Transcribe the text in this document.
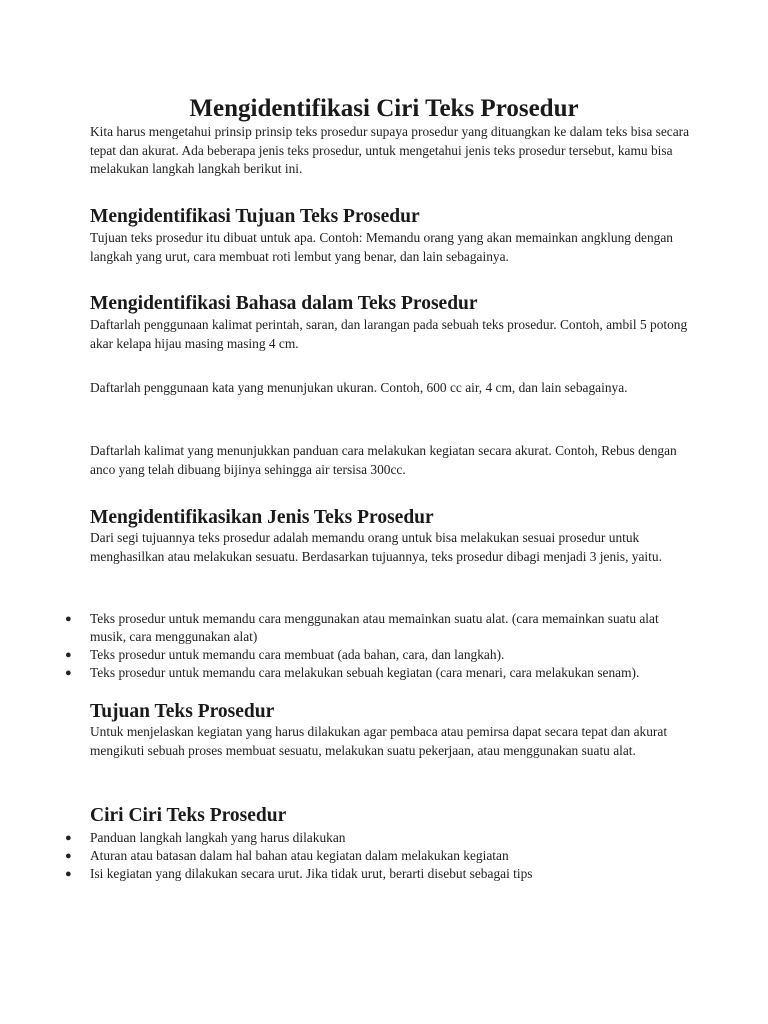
Mengidentifikasi Ciri Teks Prosedur

Kita harus mengetahui prinsip prinsip teks prosedur supaya prosedur yang dituangkan ke dalam teks bisa secara tepat dan akurat. Ada beberapa jenis teks prosedur, untuk mengetahui jenis teks prosedur tersebut, kamu bisa melakukan langkah langkah berikut ini.

Mengidentifikasi Tujuan Teks Prosedur

Tujuan teks prosedur itu dibuat untuk apa. Contoh: Memandu orang yang akan memainkan angklung dengan langkah yang urut, cara membuat roti lembut yang benar, dan lain sebagainya.

Mengidentifikasi Bahasa dalam Teks Prosedur

Daftarlah penggunaan kalimat perintah, saran, dan larangan pada sebuah teks prosedur. Contoh, ambil 5 potong akar kelapa hijau masing masing 4 cm.

Daftarlah penggunaan kata yang menunjukan ukuran. Contoh, 600 cc air, 4 cm, dan lain sebagainya.

Daftarlah kalimat yang menunjukkan panduan cara melakukan kegiatan secara akurat. Contoh, Rebus dengan anco yang telah dibuang bijinya sehingga air tersisa 300cc.

Mengidentifikasikan Jenis Teks Prosedur

Dari segi tujuannya teks prosedur adalah memandu orang untuk bisa melakukan sesuai prosedur untuk menghasilkan atau melakukan sesuatu. Berdasarkan tujuannya, teks prosedur dibagi menjadi 3 jenis, yaitu.

● Teks prosedur untuk memandu cara menggunakan atau memainkan suatu alat. (cara memainkan suatu alat musik, cara menggunakan alat)
● Teks prosedur untuk memandu cara membuat (ada bahan, cara, dan langkah).
● Teks prosedur untuk memandu cara melakukan sebuah kegiatan (cara menari, cara melakukan senam).
Tujuan Teks Prosedur

Untuk menjelaskan kegiatan yang harus dilakukan agar pembaca atau pemirsa dapat secara tepat dan akurat mengikuti sebuah proses membuat sesuatu, melakukan suatu pekerjaan, atau menggunakan suatu alat.

Ciri Ciri Teks Prosedur
● Panduan langkah langkah yang harus dilakukan
● Aturan atau batasan dalam hal bahan atau kegiatan dalam melakukan kegiatan
● Isi kegiatan yang dilakukan secara urut. Jika tidak urut, berarti disebut sebagai tips
